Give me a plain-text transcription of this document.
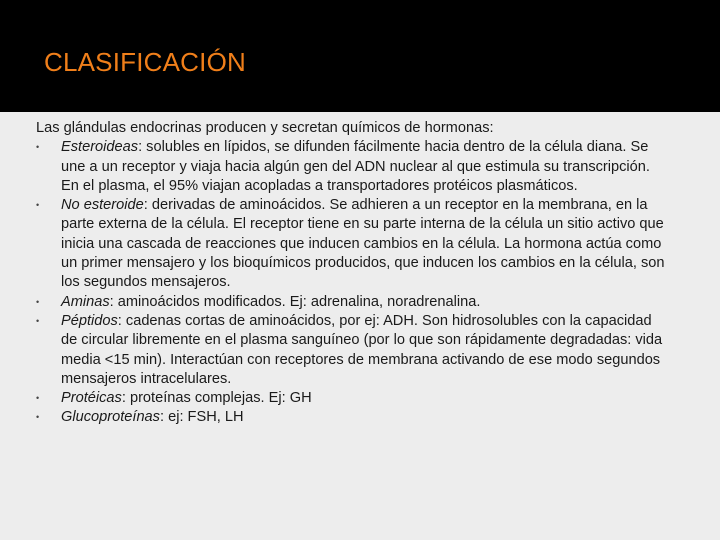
CLASIFICACIÓN

Las glándulas endocrinas producen y secretan químicos de hormonas:

•	Esteroideas: solubles en lípidos, se difunden fácilmente hacia dentro de la célula diana. Se une a un receptor y viaja hacia algún gen del ADN nuclear al que estimula su transcripción. En el plasma, el 95% viajan acopladas a transportadores protéicos plasmáticos.
•	No esteroide: derivadas de aminoácidos. Se adhieren a un receptor en la membrana, en la parte externa de la célula. El receptor tiene en su parte interna de la célula un sitio activo que inicia una cascada de reacciones que inducen cambios en la célula. La hormona actúa como un primer mensajero y los bioquímicos producidos, que inducen los cambios en la célula, son los segundos mensajeros.
•	Aminas: aminoácidos modificados. Ej: adrenalina, noradrenalina.
•	Péptidos: cadenas cortas de aminoácidos, por ej: ADH. Son hidrosolubles con la capacidad de circular libremente en el plasma sanguíneo (por lo que son rápidamente degradadas: vida media <15 min). Interactúan con receptores de membrana activando de ese modo segundos mensajeros intracelulares.
•	Protéicas: proteínas complejas. Ej: GH
•	Glucoproteínas: ej: FSH, LH
